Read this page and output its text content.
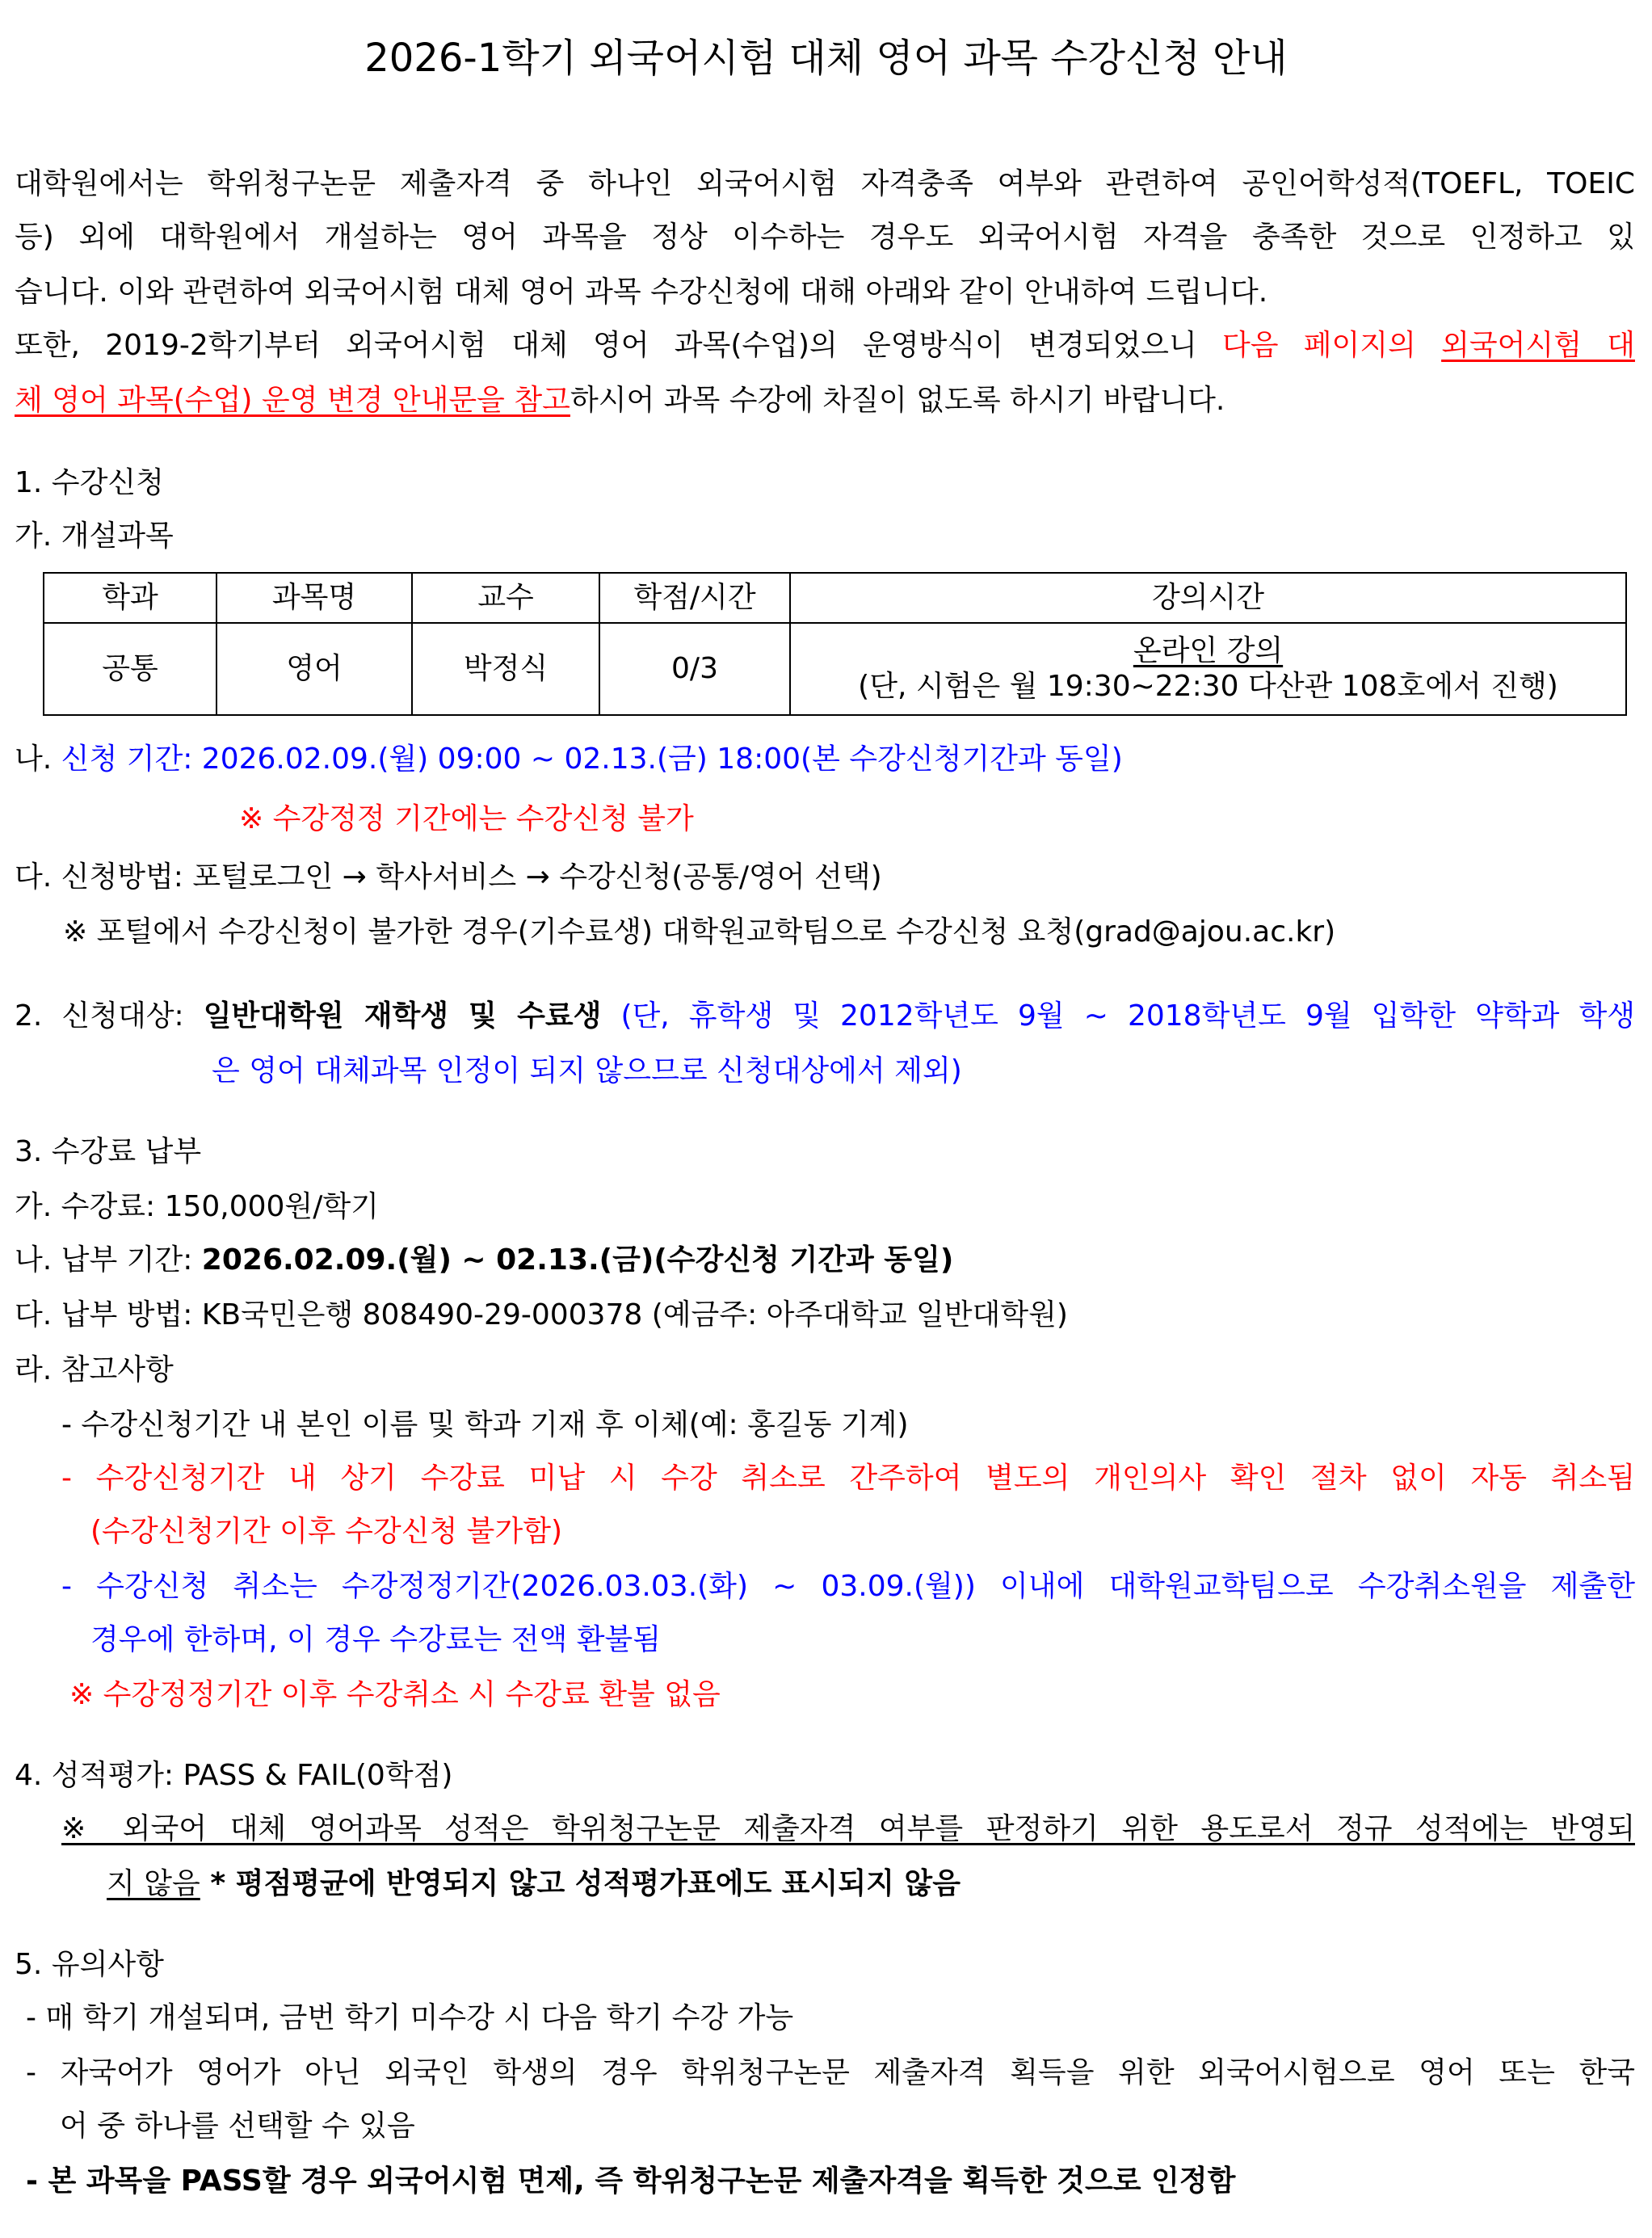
2026-1학기 외국어시험 대체 영어 과목 수강신청 안내
대학원에서는 학위청구논문 제출자격 중 하나인 외국어시험 자격충족 여부와 관련하여 공인어학성적(TOEFL, TOEIC
등) 외에 대학원에서 개설하는 영어 과목을 정상 이수하는 경우도 외국어시험 자격을 충족한 것으로 인정하고 있
습니다. 이와 관련하여 외국어시험 대체 영어 과목 수강신청에 대해 아래와 같이 안내하여 드립니다.
또한, 2019-2학기부터 외국어시험 대체 영어 과목(수업)의 운영방식이 변경되었으니 다음 페이지의 외국어시험 대
체 영어 과목(수업) 운영 변경 안내문을 참고하시어 과목 수강에 차질이 없도록 하시기 바랍니다.
1. 수강신청
가. 개설과목
학과	과목명	교수	학점/시간	강의시간
공통	영어	박정식	0/3	온라인 강의
(단, 시험은 월 19:30~22:30 다산관 108호에서 진행)
나. 신청 기간: 2026.02.09.(월) 09:00 ~ 02.13.(금) 18:00(본 수강신청기간과 동일)
※ 수강정정 기간에는 수강신청 불가
다. 신청방법: 포털로그인 → 학사서비스 → 수강신청(공통/영어 선택)
※ 포털에서 수강신청이 불가한 경우(기수료생) 대학원교학팀으로 수강신청 요청(grad@ajou.ac.kr)
2. 신청대상: 일반대학원 재학생 및 수료생 (단, 휴학생 및 2012학년도 9월 ~ 2018학년도 9월 입학한 약학과 학생
은 영어 대체과목 인정이 되지 않으므로 신청대상에서 제외)
3. 수강료 납부
가. 수강료: 150,000원/학기
나. 납부 기간: 2026.02.09.(월) ~ 02.13.(금)(수강신청 기간과 동일)
다. 납부 방법: KB국민은행 808490-29-000378 (예금주: 아주대학교 일반대학원)
라. 참고사항
- 수강신청기간 내 본인 이름 및 학과 기재 후 이체(예: 홍길동 기계)
- 수강신청기간 내 상기 수강료 미납 시 수강 취소로 간주하여 별도의 개인의사 확인 절차 없이 자동 취소됨
(수강신청기간 이후 수강신청 불가함)
- 수강신청 취소는 수강정정기간(2026.03.03.(화) ~ 03.09.(월)) 이내에 대학원교학팀으로 수강취소원을 제출한
경우에 한하며, 이 경우 수강료는 전액 환불됨
※ 수강정정기간 이후 수강취소 시 수강료 환불 없음
4. 성적평가: PASS & FAIL(0학점)
※ 외국어 대체 영어과목 성적은 학위청구논문 제출자격 여부를 판정하기 위한 용도로서 정규 성적에는 반영되
지 않음 * 평점평균에 반영되지 않고 성적평가표에도 표시되지 않음
5. 유의사항
- 매 학기 개설되며, 금번 학기 미수강 시 다음 학기 수강 가능
- 자국어가 영어가 아닌 외국인 학생의 경우 학위청구논문 제출자격 획득을 위한 외국어시험으로 영어 또는 한국
어 중 하나를 선택할 수 있음
- 본 과목을 PASS할 경우 외국어시험 면제, 즉 학위청구논문 제출자격을 획득한 것으로 인정함
